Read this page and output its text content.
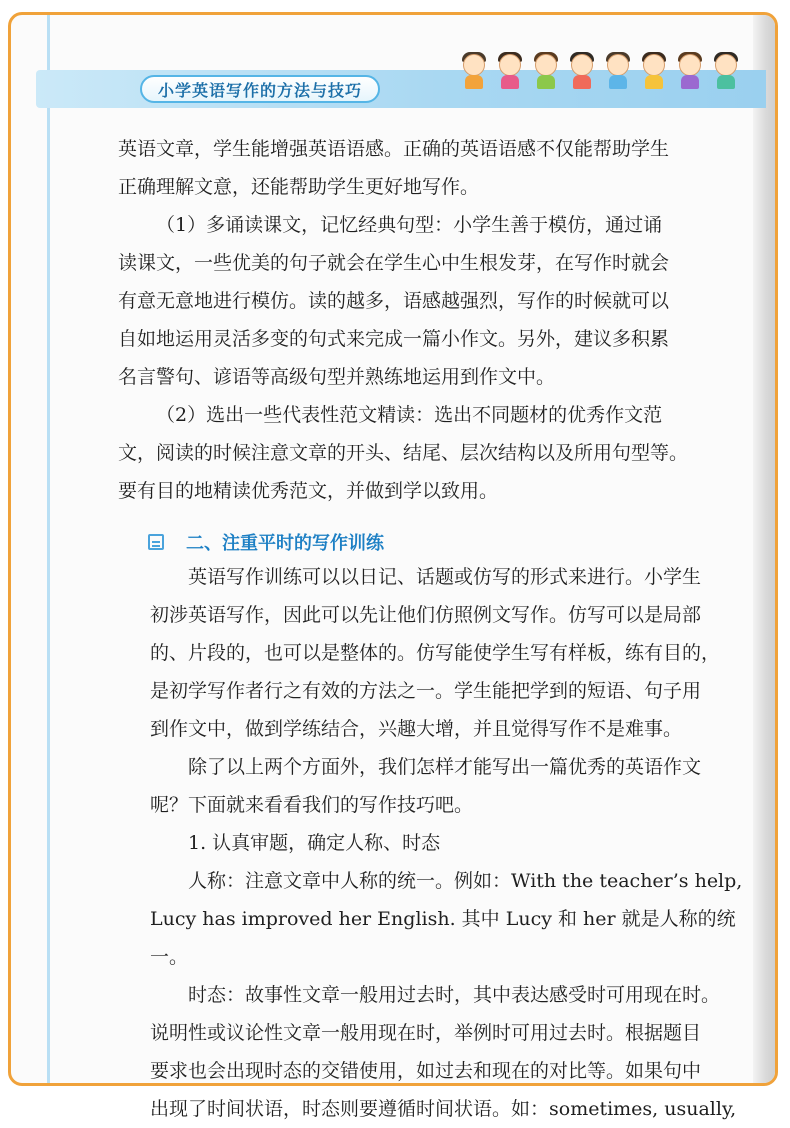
小学英语写作的方法与技巧

英语文章，学生能增强英语语感。正确的英语语感不仅能帮助学生

正确理解文意，还能帮助学生更好地写作。

（1）多诵读课文，记忆经典句型：小学生善于模仿，通过诵

读课文，一些优美的句子就会在学生心中生根发芽，在写作时就会

有意无意地进行模仿。读的越多，语感越强烈，写作的时候就可以

自如地运用灵活多变的句式来完成一篇小作文。另外，建议多积累

名言警句、谚语等高级句型并熟练地运用到作文中。

（2）选出一些代表性范文精读：选出不同题材的优秀作文范

文，阅读的时候注意文章的开头、结尾、层次结构以及所用句型等。

要有目的地精读优秀范文，并做到学以致用。

二、注重平时的写作训练

英语写作训练可以以日记、话题或仿写的形式来进行。小学生

初涉英语写作，因此可以先让他们仿照例文写作。仿写可以是局部

的、片段的，也可以是整体的。仿写能使学生写有样板，练有目的，

是初学写作者行之有效的方法之一。学生能把学到的短语、句子用

到作文中，做到学练结合，兴趣大增，并且觉得写作不是难事。

除了以上两个方面外，我们怎样才能写出一篇优秀的英语作文

呢？下面就来看看我们的写作技巧吧。

1. 认真审题，确定人称、时态

人称：注意文章中人称的统一。例如：With the teacher’s help,

Lucy has improved her English. 其中 Lucy 和 her 就是人称的统一。

时态：故事性文章一般用过去时，其中表达感受时可用现在时。

说明性或议论性文章一般用现在时，举例时可用过去时。根据题目

要求也会出现时态的交错使用，如过去和现在的对比等。如果句中

出现了时间状语，时态则要遵循时间状语。如：sometimes, usually,
